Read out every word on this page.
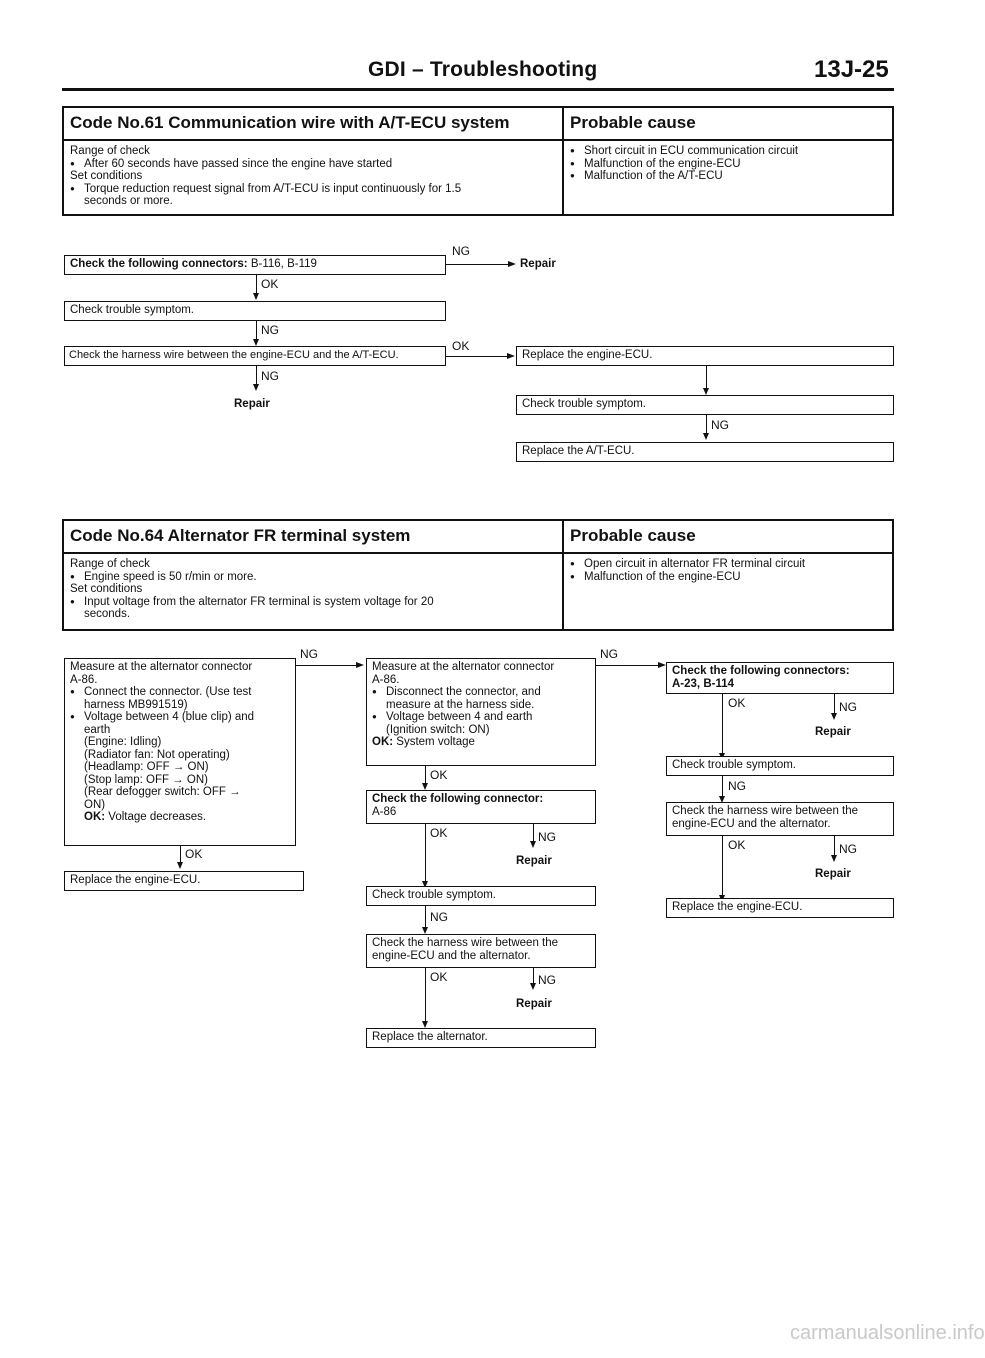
GDI – Troubleshooting	13J-25
Code No.61 Communication wire with A/T-ECU system	Probable cause
Range of check
● After 60 seconds have passed since the engine have started
Set conditions
● Torque reduction request signal from A/T-ECU is input continuously for 1.5
seconds or more.
● Short circuit in ECU communication circuit
● Malfunction of the engine-ECU
● Malfunction of the A/T-ECU
Check the following connectors: B-116, B-119
NG
Repair
OK
Check trouble symptom.
NG
Check the harness wire between the engine-ECU and the A/T-ECU.
OK
NG
Repair
Replace the engine-ECU.
Check trouble symptom.
NG
Replace the A/T-ECU.
Code No.64 Alternator FR terminal system	Probable cause
Range of check
● Engine speed is 50 r/min or more.
Set conditions
● Input voltage from the alternator FR terminal is system voltage for 20
seconds.
● Open circuit in alternator FR terminal circuit
● Malfunction of the engine-ECU
Measure at the alternator connector
A-86.
● Connect the connector. (Use test
harness MB991519)
● Voltage between 4 (blue clip) and
earth
(Engine: Idling)
(Radiator fan: Not operating)
(Headlamp: OFF → ON)
(Stop lamp: OFF → ON)
(Rear defogger switch: OFF →
ON)
OK: Voltage decreases.
NG
OK
Replace the engine-ECU.
Measure at the alternator connector
A-86.
● Disconnect the connector, and
measure at the harness side.
● Voltage between 4 and earth
(Ignition switch: ON)
OK: System voltage
NG
OK
Check the following connector:
A-86
OK	NG
Repair
Check trouble symptom.
NG
Check the harness wire between the
engine-ECU and the alternator.
OK	NG
Repair
Replace the alternator.
Check the following connectors:
A-23, B-114
OK	NG
Repair
Check trouble symptom.
NG
Check the harness wire between the
engine-ECU and the alternator.
OK	NG
Repair
Replace the engine-ECU.
carmanualsonline.info
